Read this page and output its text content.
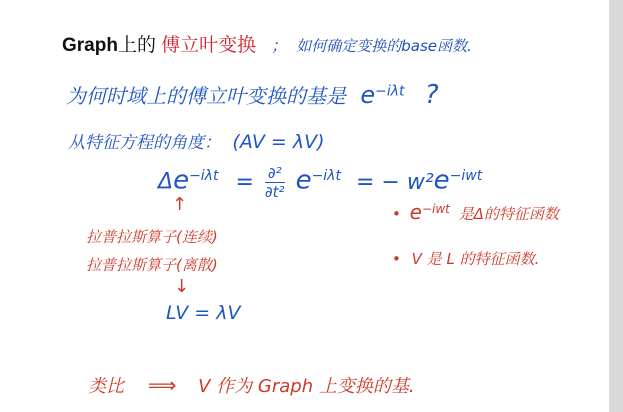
Graph上的 傅立叶变换 ； 如何确定变换的base函数.
为何时域上的傅立叶变换的基是 $e^{-i\lambda t}$ ?
从特征方程的角度： (AV = λV)
$\Delta e^{-i\lambda t} = \partial^2$
∂t² $e^{-i\lambda t}$ = − $w^2e^{-iwt}$
↑
拉普拉斯算子(连续)
拉普拉斯算子(离散)
↓
LV = λV
• $e^{-iwt}$ 是Δ的特征函数
• V 是 L 的特征函数.
类比 ⟹ V 作为 Graph 上变换的基.
